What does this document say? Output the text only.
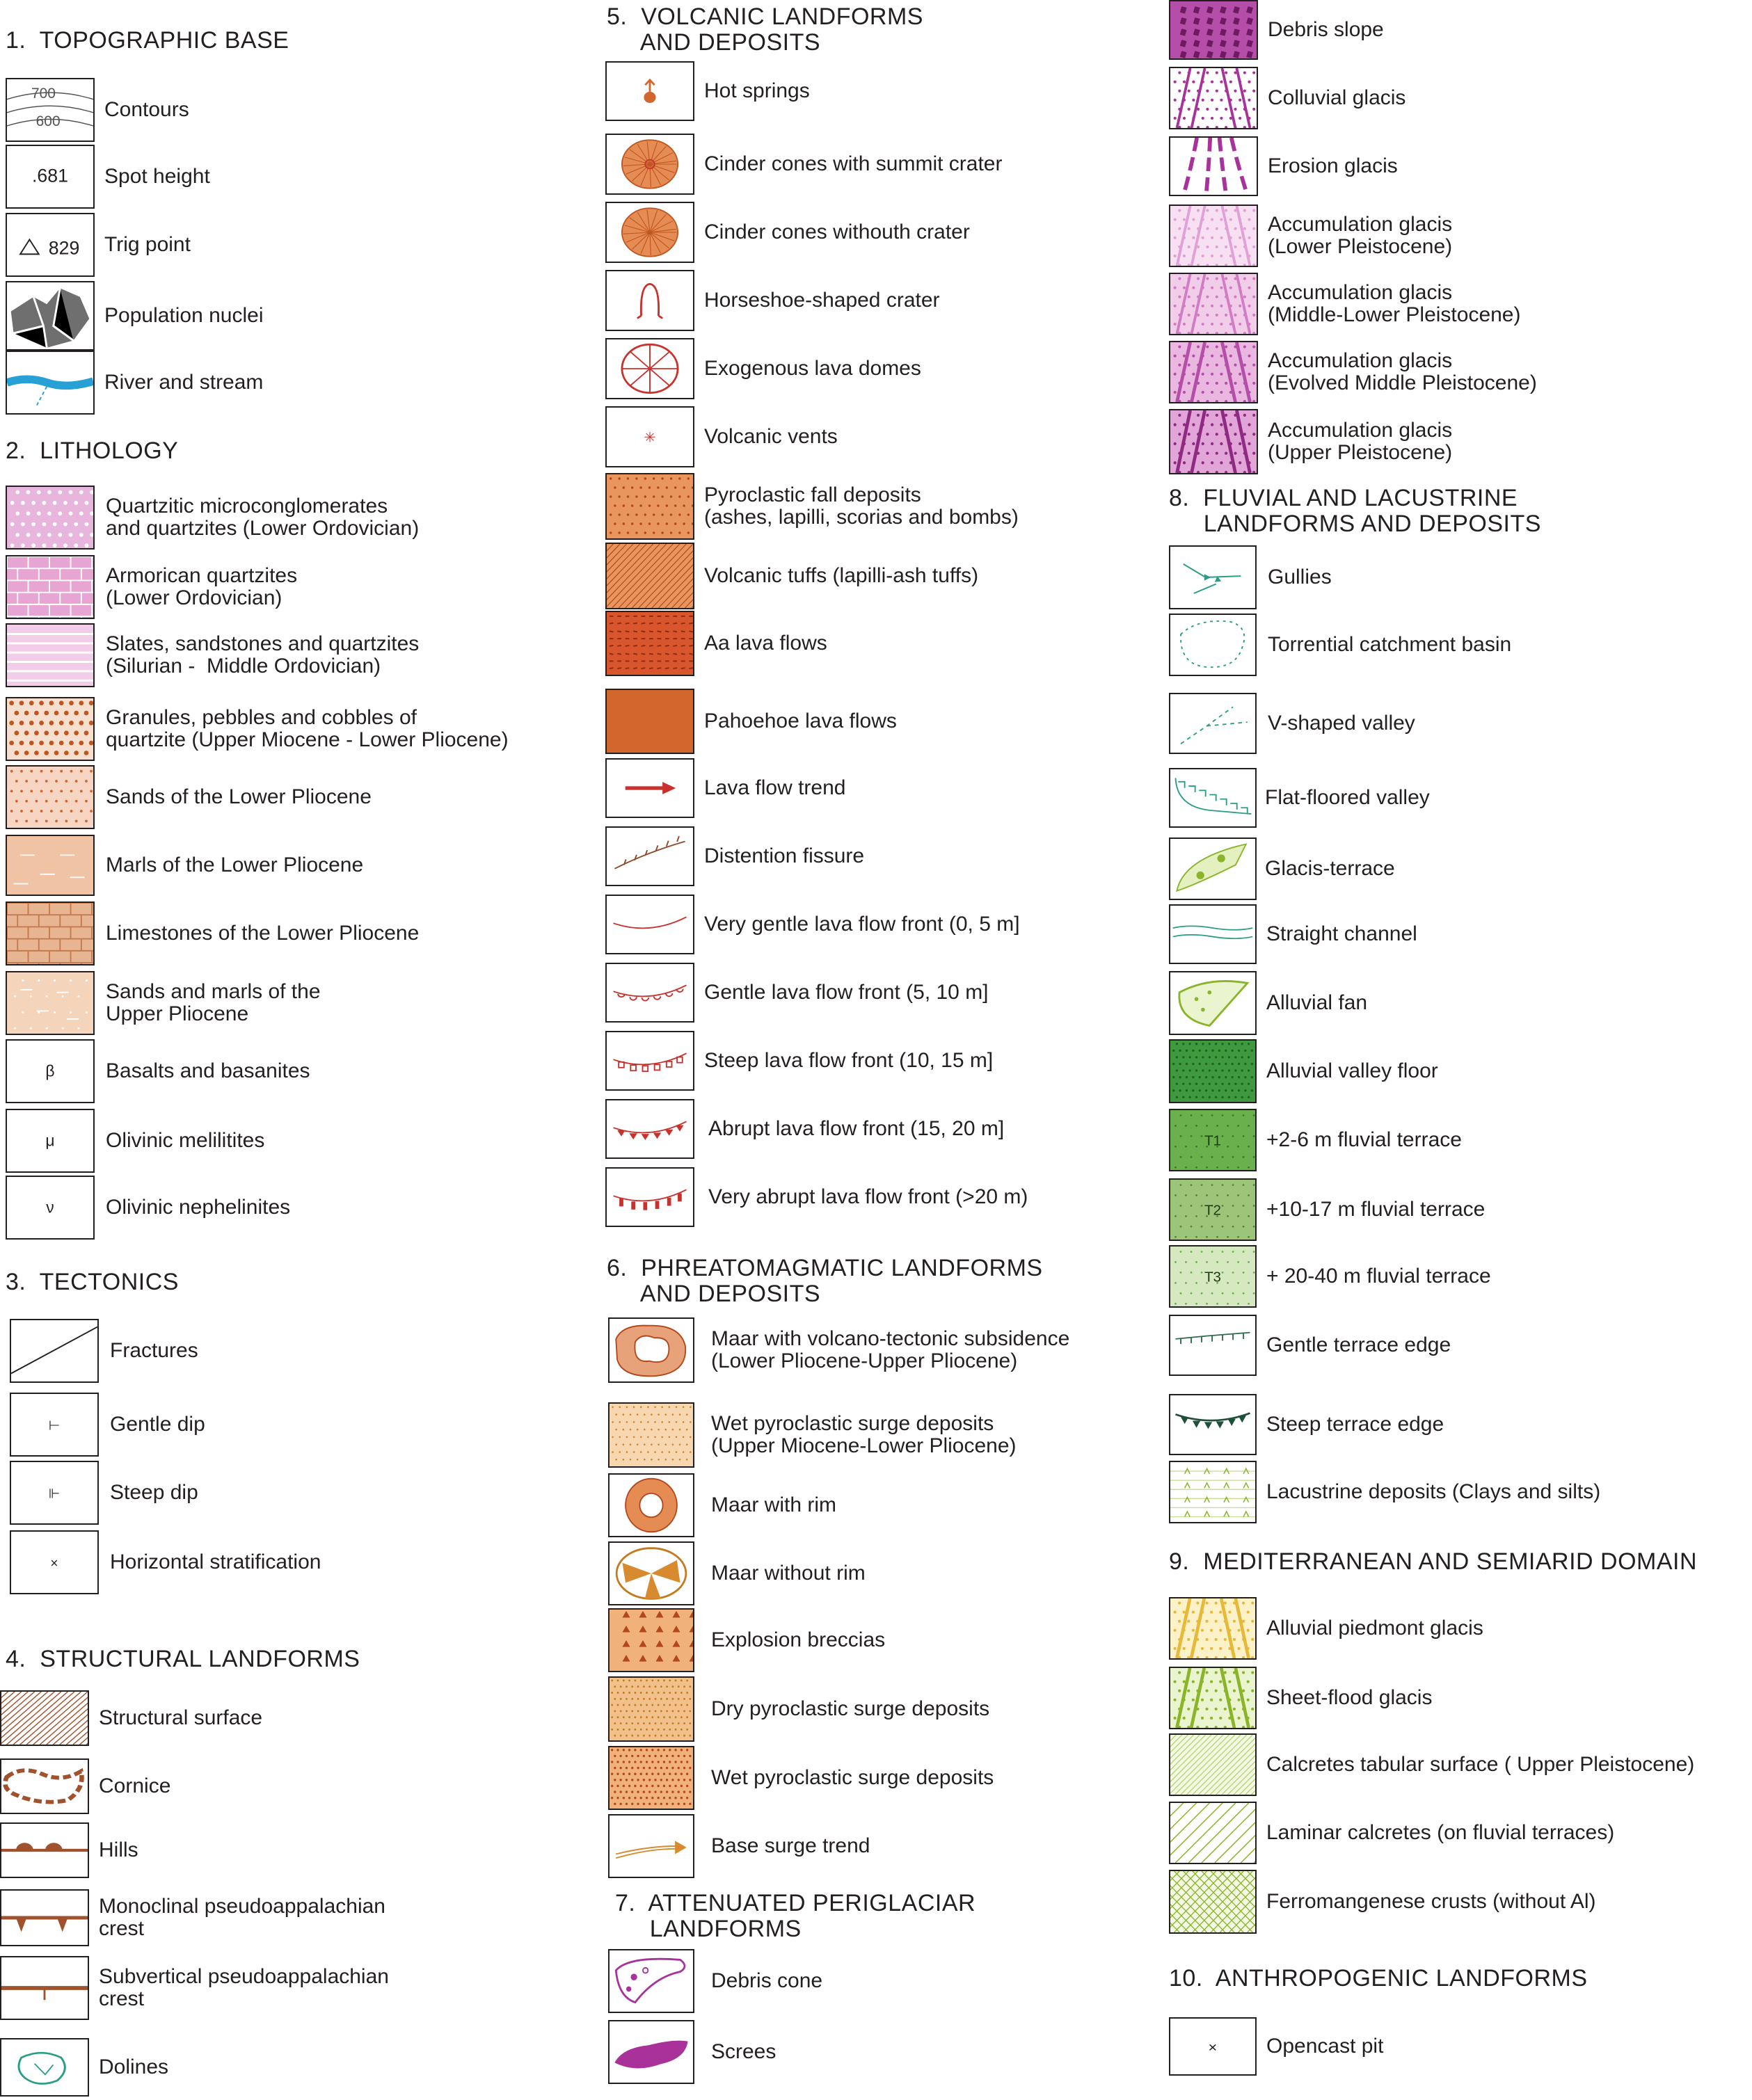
1.  TOPOGRAPHIC BASE
2.  LITHOLOGY
3.  TECTONICS
4.  STRUCTURAL LANDFORMS
5.  VOLCANIC LANDFORMS
AND DEPOSITS
6.  PHREATOMAGMATIC LANDFORMS
AND DEPOSITS
7.  ATTENUATED PERIGLACIAR
LANDFORMS
8.  FLUVIAL AND LACUSTRINE
LANDFORMS AND DEPOSITS
9.  MEDITERRANEAN AND SEMIARID DOMAIN
10.  ANTHROPOGENIC LANDFORMS
700
600
Contours
.681 Spot height
829 Trig point
Population nuclei
River and stream
Quartzitic microconglomerates
and quartzites (Lower Ordovician)
Armorican quartzites
(Lower Ordovician)
Slates, sandstones and quartzites
(Silurian -  Middle Ordovician)
Granules, pebbles and cobbles of
quartzite (Upper Miocene - Lower Pliocene)
Sands of the Lower Pliocene
Marls of the Lower Pliocene
Limestones of the Lower Pliocene
Sands and marls of the
Upper Pliocene
β Basalts and basanites
μ Olivinic melilitites
ν Olivinic nephelinites
Fractures
⊢ Gentle dip
⊩ Steep dip
× Horizontal stratification
Structural surface
Cornice
Hills
Monoclinal pseudoappalachian
crest
Subvertical pseudoappalachian
crest
Dolines
Hot springs
Cinder cones with summit crater
Cinder cones withouth crater
Horseshoe-shaped crater
Exogenous lava domes
✳ Volcanic vents
Pyroclastic fall deposits
(ashes, lapilli, scorias and bombs)
Volcanic tuffs (lapilli-ash tuffs)
Aa lava flows
Pahoehoe lava flows
Lava flow trend
Distention fissure
Very gentle lava flow front (0, 5 m]
Gentle lava flow front (5, 10 m]
Steep lava flow front (10, 15 m]
Abrupt lava flow front (15, 20 m]
Very abrupt lava flow front (>20 m)
Maar with volcano-tectonic subsidence
(Lower Pliocene-Upper Pliocene)
Wet pyroclastic surge deposits
(Upper Miocene-Lower Pliocene)
Maar with rim
Maar without rim
Explosion breccias
Dry pyroclastic surge deposits
Wet pyroclastic surge deposits
Base surge trend
Debris cone
Screes
Debris slope
Colluvial glacis
Erosion glacis
Accumulation glacis
(Lower Pleistocene)
Accumulation glacis
(Middle-Lower Pleistocene)
Accumulation glacis
(Evolved Middle Pleistocene)
Accumulation glacis
(Upper Pleistocene)
Gullies
Torrential catchment basin
V-shaped valley
Flat-floored valley
Glacis-terrace
Straight channel
Alluvial fan
Alluvial valley floor
T1 +2-6 m fluvial terrace
T2 +10-17 m fluvial terrace
T3 + 20-40 m fluvial terrace
Gentle terrace edge
Steep terrace edge
Lacustrine deposits (Clays and silts)
Alluvial piedmont glacis
Sheet-flood glacis
Calcretes tabular surface ( Upper Pleistocene)
Laminar calcretes (on fluvial terraces)
Ferromangenese crusts (without Al)
✕ Opencast pit
